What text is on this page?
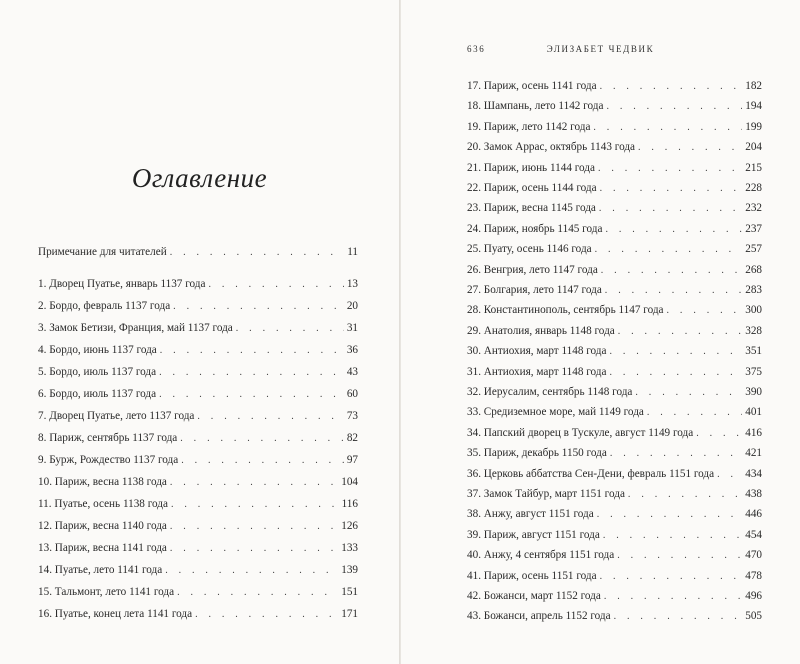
Оглавление
Примечание для читателей . . .	11
1. Дворец Пуатье, январь 1137 года . . .	13
2. Бордо, февраль 1137 года . . .	20
3. Замок Бетизи, Франция, май 1137 года . . .	31
4. Бордо, июнь 1137 года . . .	36
5. Бордо, июль 1137 года . . .	43
6. Бордо, июль 1137 года . . .	60
7. Дворец Пуатье, лето 1137 года . . .	73
8. Париж, сентябрь 1137 года . . .	82
9. Бурж, Рождество 1137 года . . .	97
10. Париж, весна 1138 года . . .	104
11. Пуатье, осень 1138 года . . .	116
12. Париж, весна 1140 года . . .	126
13. Париж, весна 1141 года . . .	133
14. Пуатье, лето 1141 года . . .	139
15. Тальмонт, лето 1141 года . . .	151
16. Пуатье, конец лета 1141 года . . .	171
636	ЭЛИЗАБЕТ ЧЕДВИК
17. Париж, осень 1141 года . . .	182
18. Шампань, лето 1142 года . . .	194
19. Париж, лето 1142 года . . .	199
20. Замок Аррас, октябрь 1143 года . . .	204
21. Париж, июнь 1144 года . . .	215
22. Париж, осень 1144 года . . .	228
23. Париж, весна 1145 года . . .	232
24. Париж, ноябрь 1145 года . . .	237
25. Пуату, осень 1146 года . . .	257
26. Венгрия, лето 1147 года . . .	268
27. Болгария, лето 1147 года . . .	283
28. Константинополь, сентябрь 1147 года . . .	300
29. Анатолия, январь 1148 года . . .	328
30. Антиохия, март 1148 года . . .	351
31. Антиохия, март 1148 года . . .	375
32. Иерусалим, сентябрь 1148 года . . .	390
33. Средиземное море, май 1149 года . . .	401
34. Папский дворец в Тускуле, август 1149 года . . .	416
35. Париж, декабрь 1150 года . . .	421
36. Церковь аббатства Сен-Дени, февраль 1151 года . . .	434
37. Замок Тайбур, март 1151 года . . .	438
38. Анжу, август 1151 года . . .	446
39. Париж, август 1151 года . . .	454
40. Анжу, 4 сентября 1151 года . . .	470
41. Париж, осень 1151 года . . .	478
42. Божанси, март 1152 года . . .	496
43. Божанси, апрель 1152 года . . .	505
